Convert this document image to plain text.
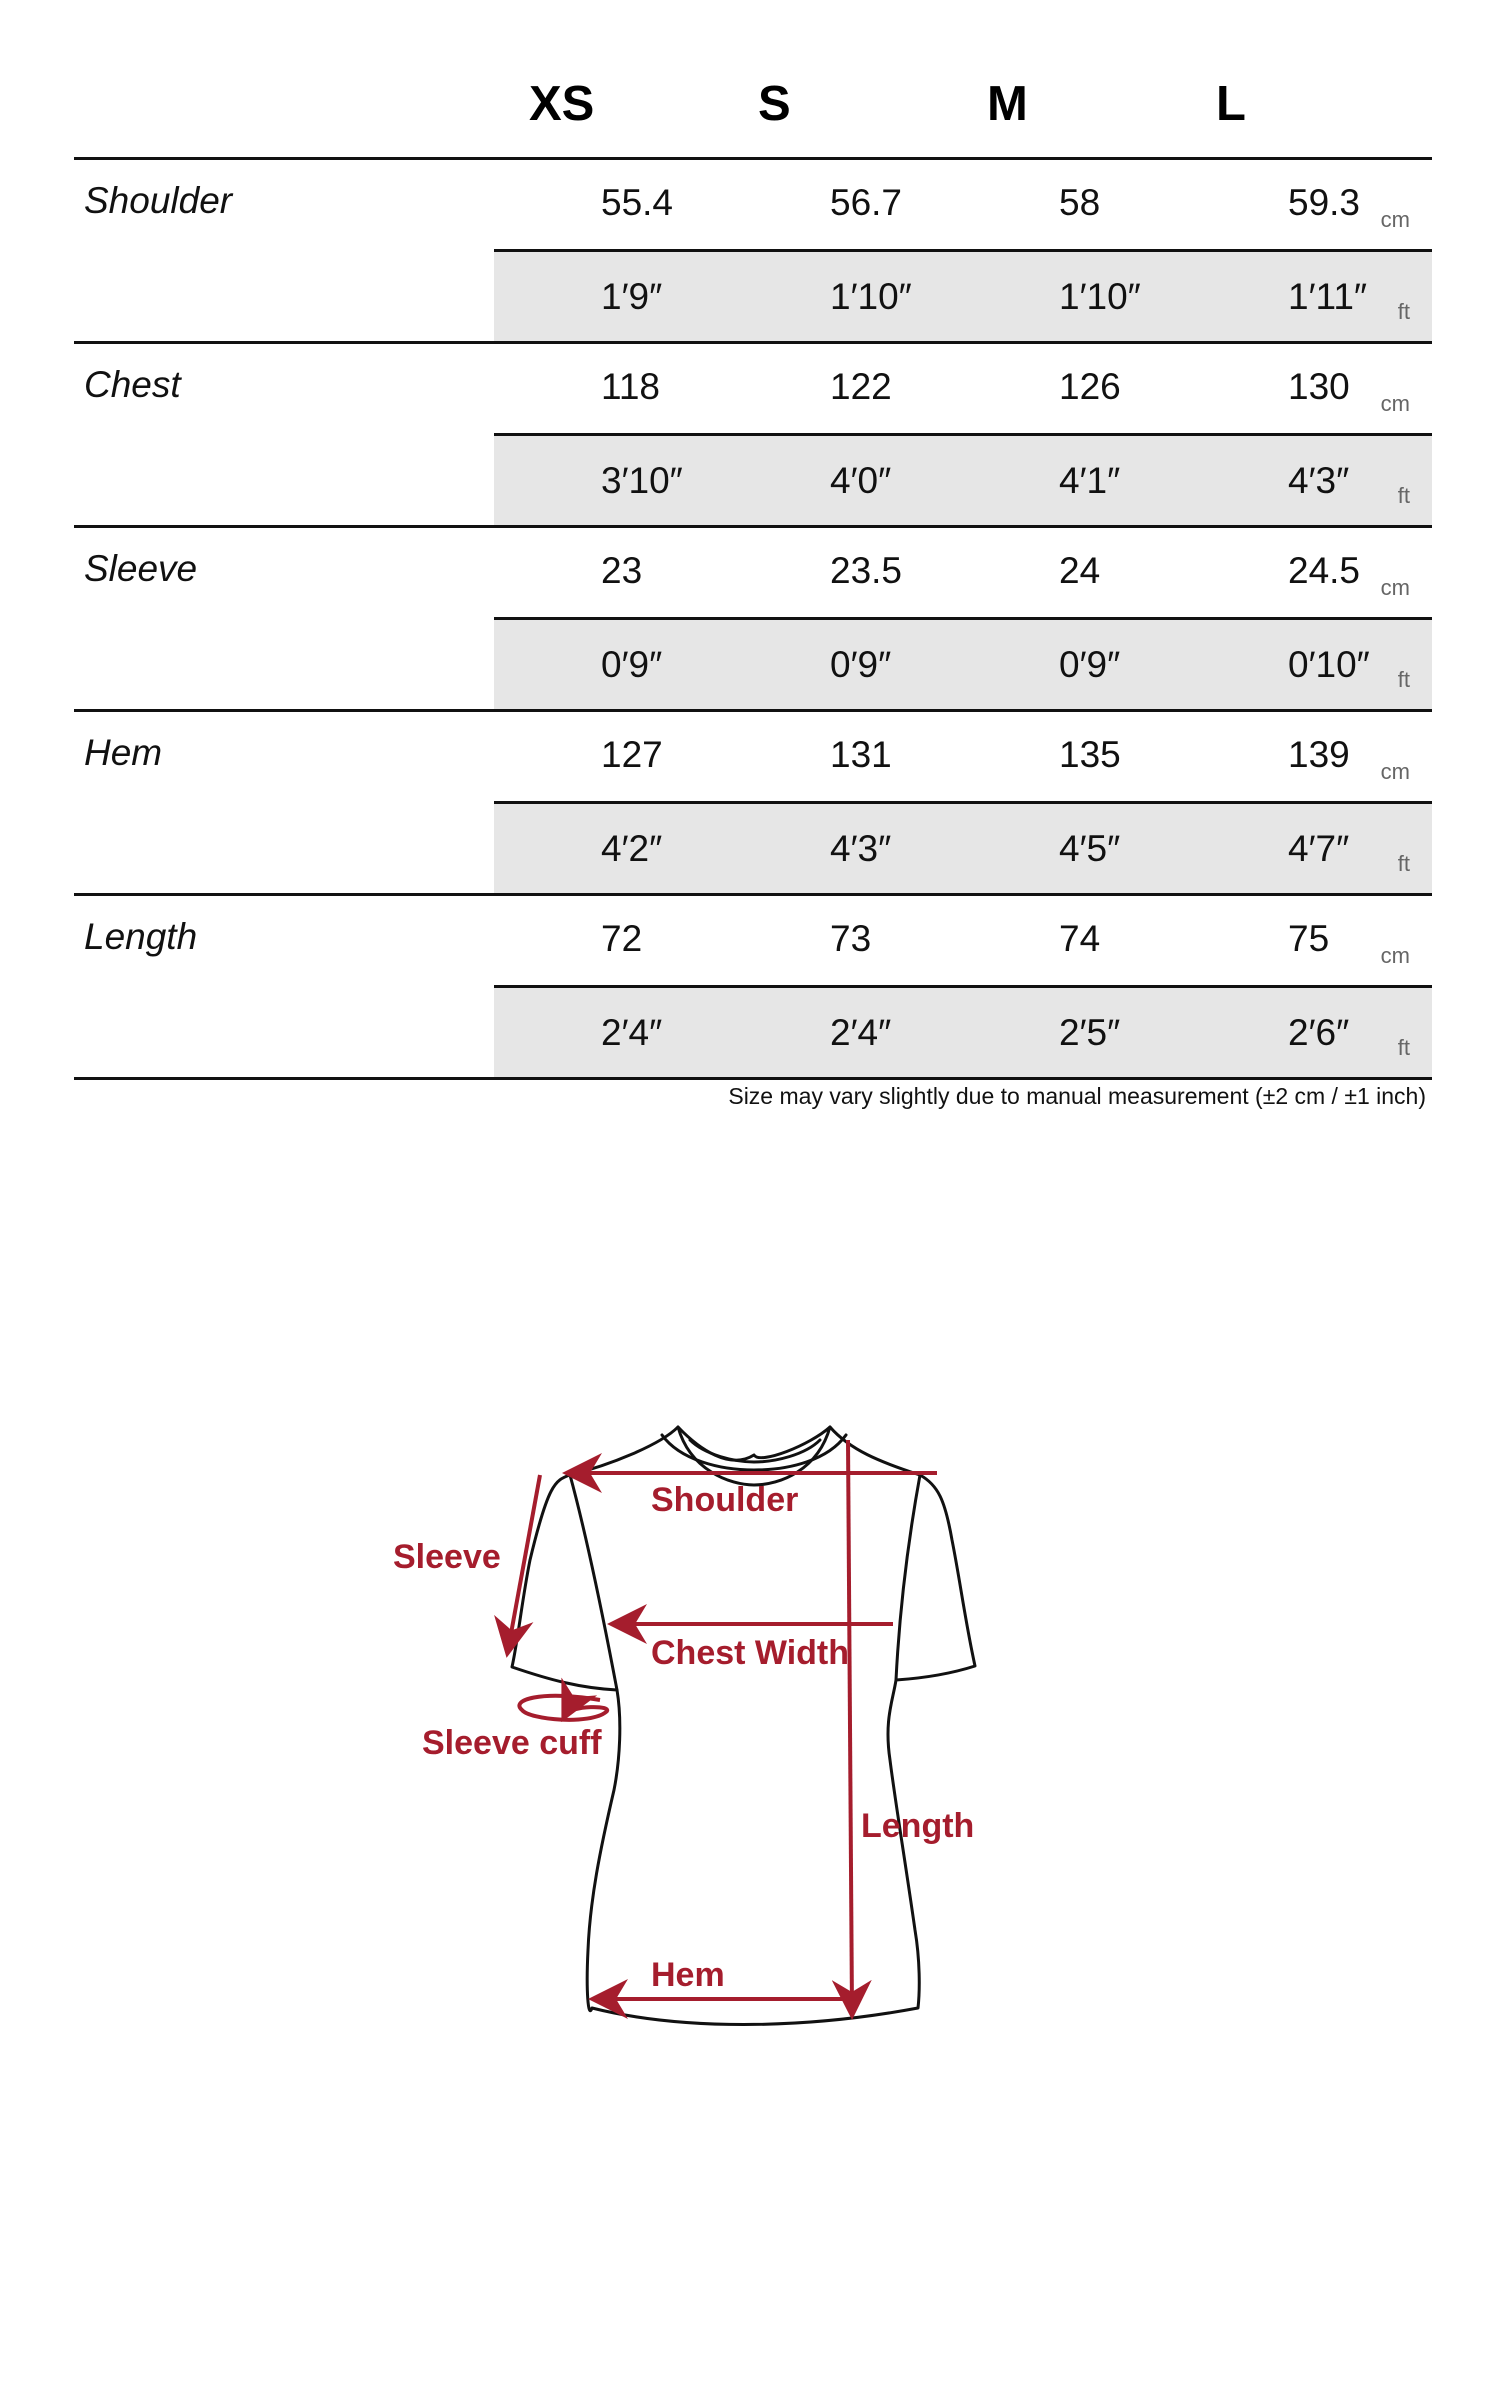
XS	S	M	L
Shoulder	55.4	56.7	58	59.3 cm
1′9″	1′10″	1′10″	1′11″ ft
Chest	118	122	126	130 cm
3′10″	4′0″	4′1″	4′3″ ft
Sleeve	23	23.5	24	24.5 cm
0′9″	0′9″	0′9″	0′10″ ft
Hem	127	131	135	139 cm
4′2″	4′3″	4′5″	4′7″ ft
Length	72	73	74	75 cm
2′4″	2′4″	2′5″	2′6″ ft
Size may vary slightly due to manual measurement (±2 cm / ±1 inch)
Shoulder
Sleeve
Chest Width
Sleeve cuff
Length
Hem
